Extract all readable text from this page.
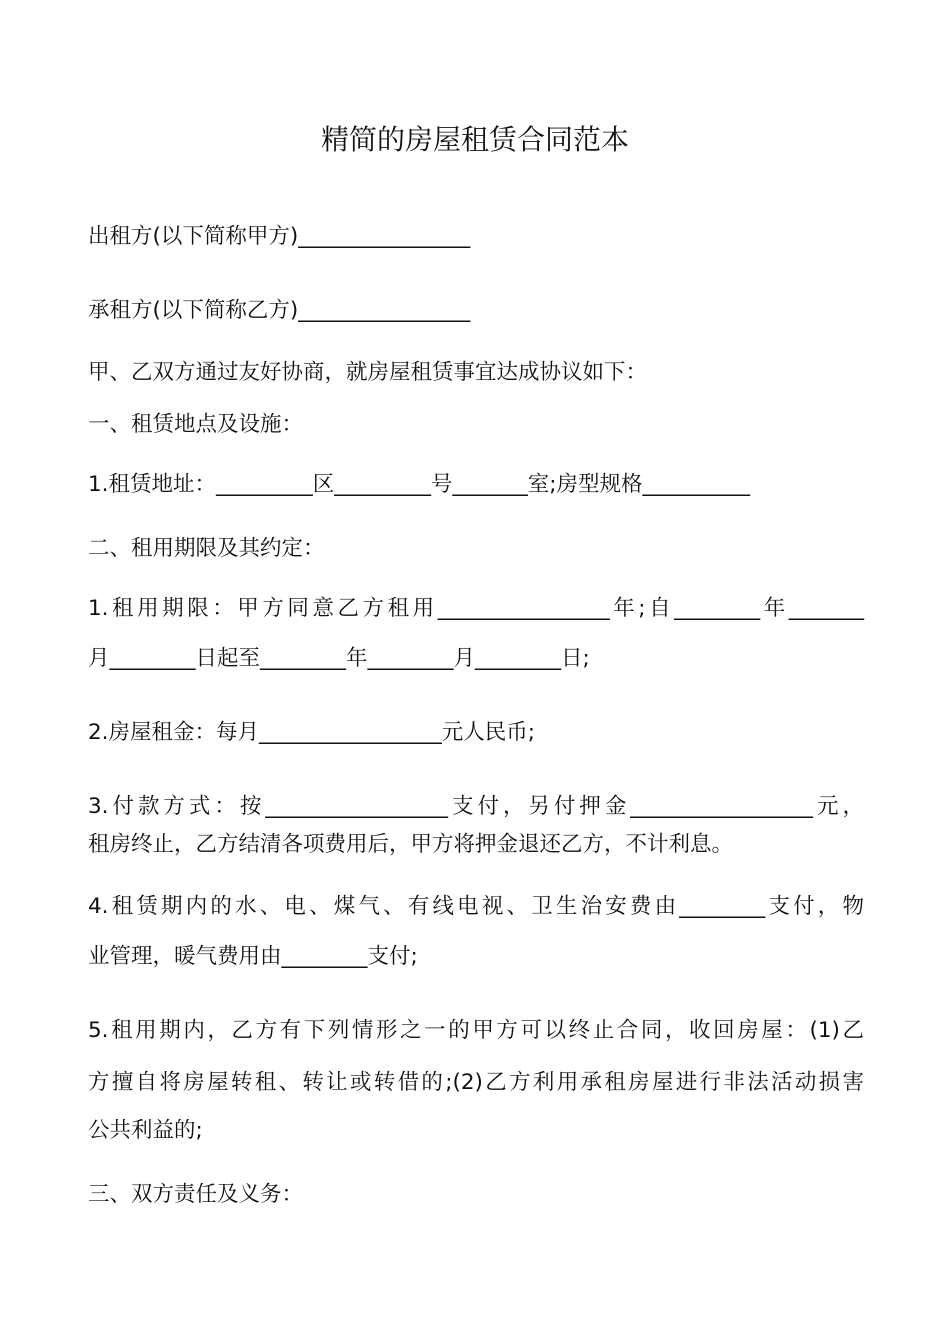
精简的房屋租赁合同范本
出租方(以下简称甲方)________________
承租方(以下简称乙方)________________
甲、乙双方通过友好协商，就房屋租赁事宜达成协议如下：
一、租赁地点及设施：
1.租赁地址：_________区_________号_______室;房型规格__________
二、租用期限及其约定：
1.租用期限：甲方同意乙方租用________________年;自________年_______
月________日起至________年________月________日;
2.房屋租金：每月_________________元人民币;
3.付款方式：按_________________支付，另付押金_________________元，
租房终止，乙方结清各项费用后，甲方将押金退还乙方，不计利息。
4.租赁期内的水、电、煤气、有线电视、卫生治安费由________支付，物
业管理，暖气费用由________支付;
5.租用期内，乙方有下列情形之一的甲方可以终止合同，收回房屋：(1)乙
方擅自将房屋转租、转让或转借的;(2)乙方利用承租房屋进行非法活动损害
公共利益的;
三、双方责任及义务：
